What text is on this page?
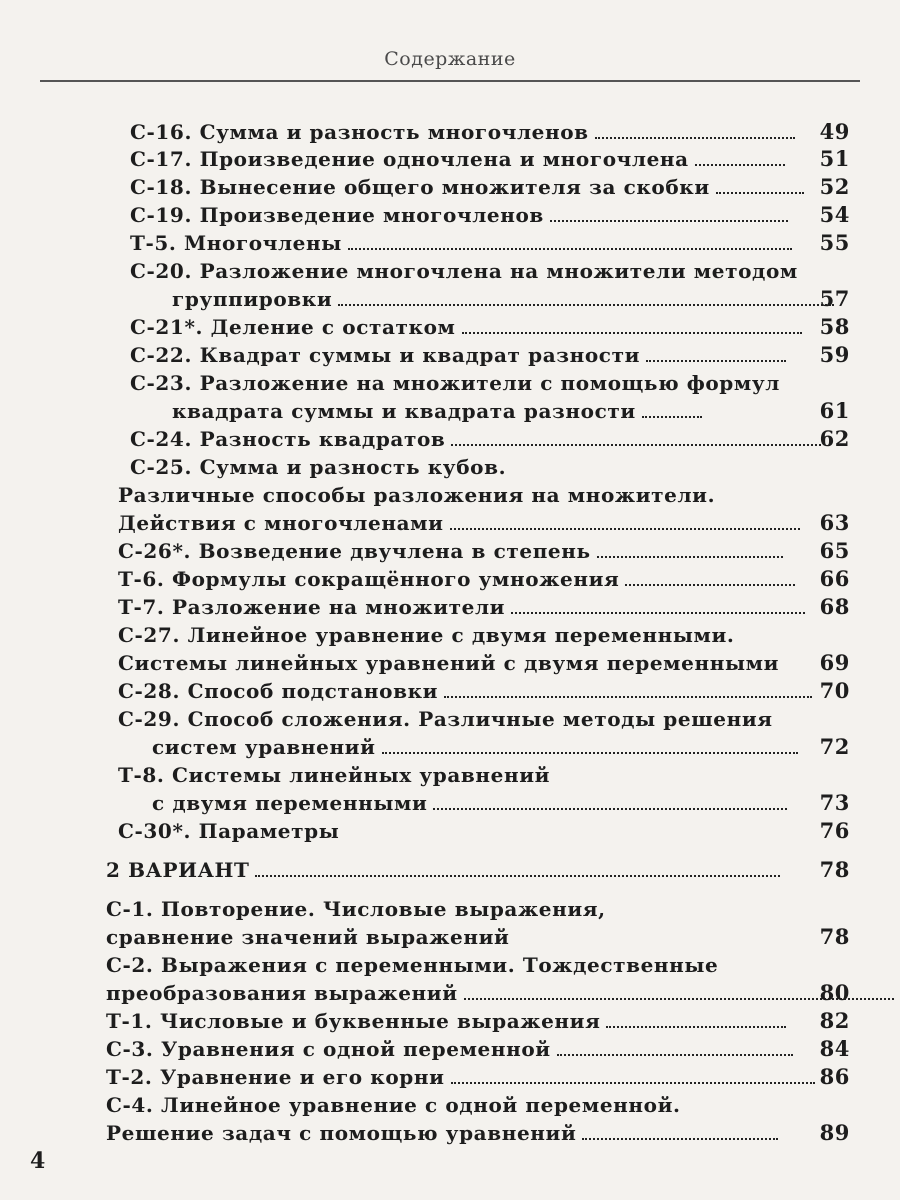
Содержание
С-16. Сумма и разность многочленов	49
С-17. Произведение одночлена и многочлена	51
С-18. Вынесение общего множителя за скобки	52
С-19. Произведение многочленов	54
Т-5. Многочлены	55
С-20. Разложение многочлена на множители методом
группировки	57
С-21*. Деление с остатком	58
С-22. Квадрат суммы и квадрат разности	59
С-23. Разложение на множители с помощью формул
квадрата суммы и квадрата разности	61
С-24. Разность квадратов	62
С-25. Сумма и разность кубов.
Различные способы разложения на множители.
Действия с многочленами	63
С-26*. Возведение двучлена в степень	65
Т-6. Формулы сокращённого умножения	66
Т-7. Разложение на множители	68
С-27. Линейное уравнение с двумя переменными.
Системы линейных уравнений с двумя переменными	69
С-28. Способ подстановки	70
С-29. Способ сложения. Различные методы решения
систем уравнений	72
Т-8. Системы линейных уравнений
с двумя переменными	73
С-30*. Параметры	76
2 ВАРИАНТ	78
С-1. Повторение. Числовые выражения,
сравнение значений выражений	78
С-2. Выражения с переменными. Тождественные
преобразования выражений	80
Т-1. Числовые и буквенные выражения	82
С-3. Уравнения с одной переменной	84
Т-2. Уравнение и его корни	86
С-4. Линейное уравнение с одной переменной.
Решение задач с помощью уравнений	89
4
